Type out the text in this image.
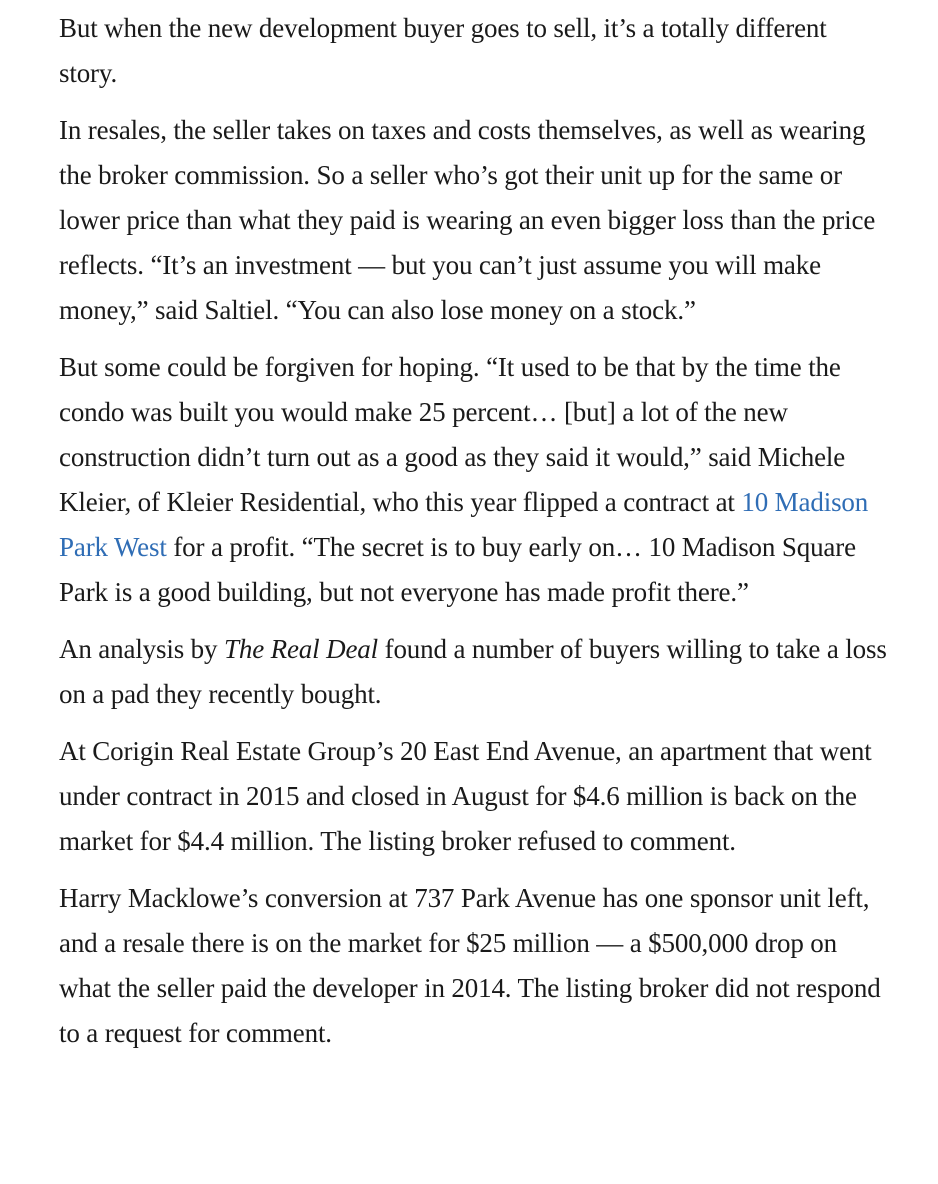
But when the new development buyer goes to sell, it’s a totally different story.

In resales, the seller takes on taxes and costs themselves, as well as wearing the broker commission. So a seller who’s got their unit up for the same or lower price than what they paid is wearing an even bigger loss than the price reflects. “It’s an investment — but you can’t just assume you will make money,” said Saltiel. “You can also lose money on a stock.”

But some could be forgiven for hoping. “It used to be that by the time the condo was built you would make 25 percent… [but] a lot of the new construction didn’t turn out as a good as they said it would,” said Michele Kleier, of Kleier Residential, who this year flipped a contract at 10 Madison Park West for a profit. “The secret is to buy early on… 10 Madison Square Park is a good building, but not everyone has made profit there.”

An analysis by The Real Deal found a number of buyers willing to take a loss on a pad they recently bought.

At Corigin Real Estate Group’s 20 East End Avenue, an apartment that went under contract in 2015 and closed in August for $4.6 million is back on the market for $4.4 million. The listing broker refused to comment.

Harry Macklowe’s conversion at 737 Park Avenue has one sponsor unit left, and a resale there is on the market for $25 million — a $500,000 drop on what the seller paid the developer in 2014. The listing broker did not respond to a request for comment.
